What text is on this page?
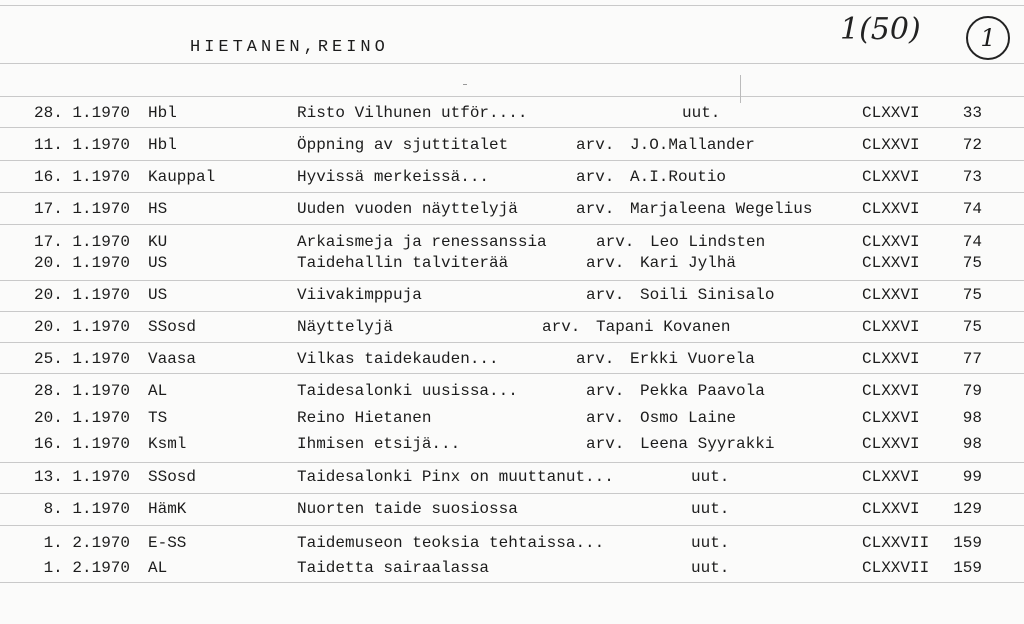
HIETANEN,REINO
1(50)	1
28. 1.1970 Hbl	Risto Vilhunen utför....	uut.	CLXXVI	33
11. 1.1970 Hbl	Öppning av sjuttitalet	arv. J.O.Mallander	CLXXVI	72
16. 1.1970 Kauppal	Hyvissä merkeissä...	arv. A.I.Routio	CLXXVI	73
17. 1.1970 HS	Uuden vuoden näyttelyjä	arv. Marjaleena Wegelius	CLXXVI	74
17. 1.1970 KU	Arkaismeja ja renessanssia	arv. Leo Lindsten	CLXXVI	74
20. 1.1970 US	Taidehallin talviterää	arv. Kari Jylhä	CLXXVI	75
20. 1.1970 US	Viivakimppuja	arv. Soili Sinisalo	CLXXVI	75
20. 1.1970 SSosd	Näyttelyjä	arv. Tapani Kovanen	CLXXVI	75
25. 1.1970 Vaasa	Vilkas taidekauden...	arv. Erkki Vuorela	CLXXVI	77
28. 1.1970 AL	Taidesalonki uusissa...	arv. Pekka Paavola	CLXXVI	79
20. 1.1970 TS	Reino Hietanen	arv. Osmo Laine	CLXXVI	98
16. 1.1970 Ksml	Ihmisen etsijä...	arv. Leena Syyrakki	CLXXVI	98
13. 1.1970 SSosd	Taidesalonki Pinx on muuttanut...	uut.	CLXXVI	99
8. 1.1970 HämK	Nuorten taide suosiossa	uut.	CLXXVI 129
1. 2.1970 E-SS	Taidemuseon teoksia tehtaissa...	uut.	CLXXVII 159
1. 2.1970 AL	Taidetta sairaalassa	uut.	CLXXVII 159
